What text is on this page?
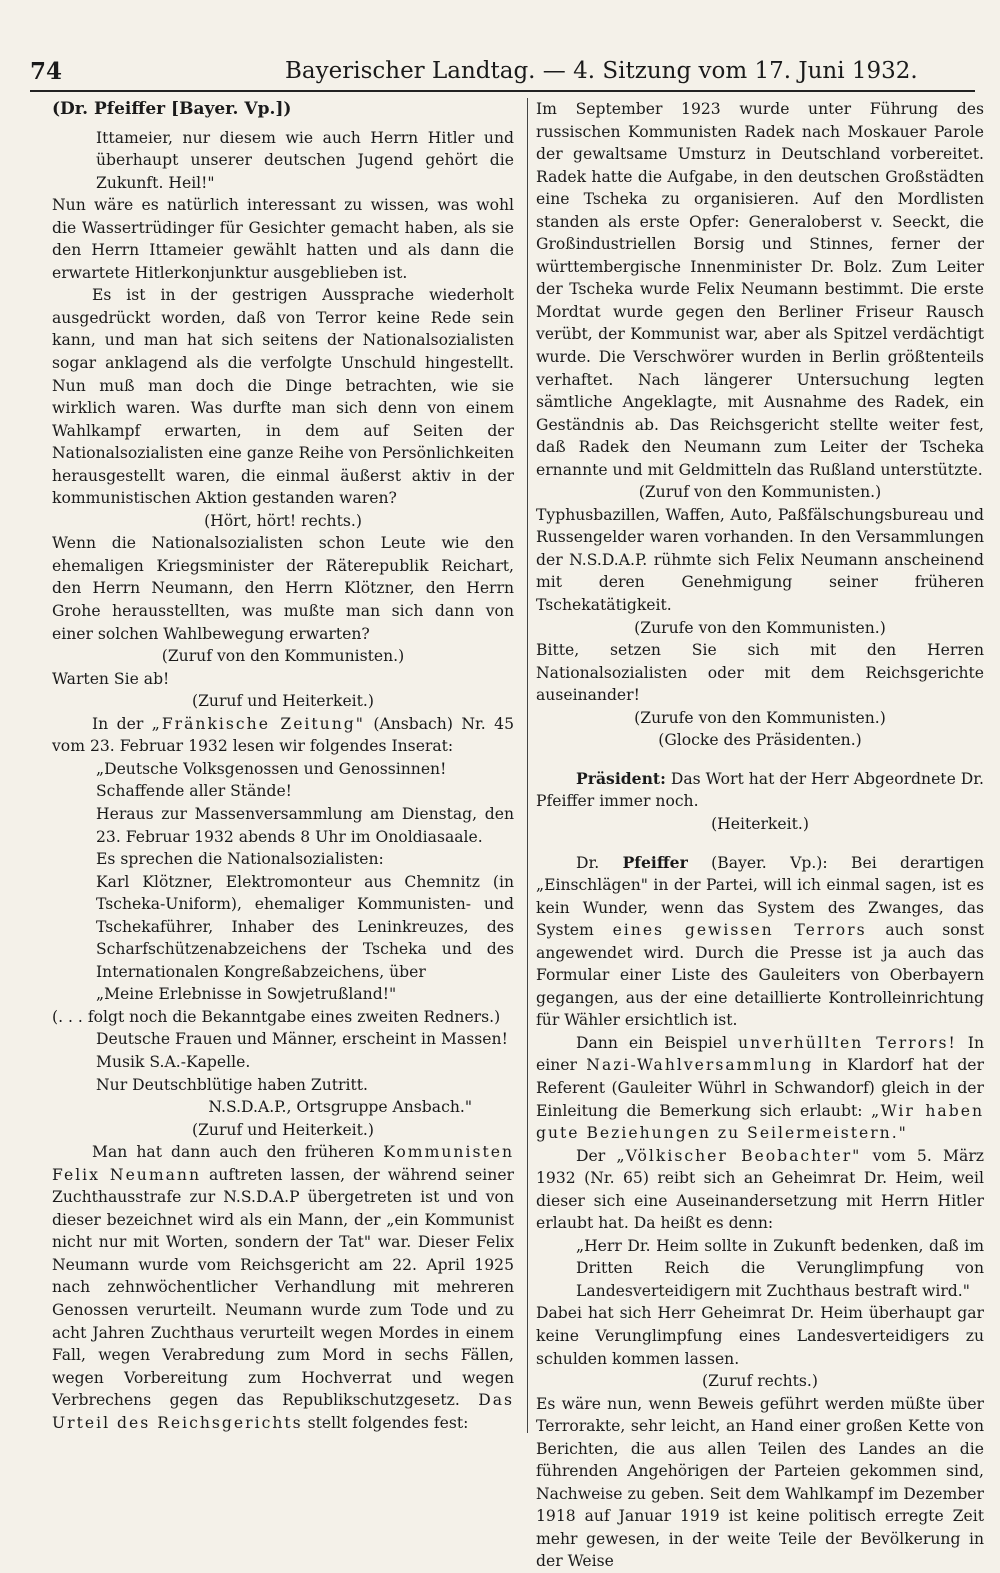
74	Bayerischer Landtag. — 4. Sitzung vom 17. Juni 1932.

(Dr. Pfeiffer [Bayer. Vp.])

Ittameier, nur diesem wie auch Herrn Hitler und überhaupt unserer deutschen Jugend gehört die Zukunft. Heil!"

Nun wäre es natürlich interessant zu wissen, was wohl die Wassertrüdinger für Gesichter gemacht haben, als sie den Herrn Ittameier gewählt hatten und als dann die erwartete Hitlerkonjunktur ausgeblieben ist.

Es ist in der gestrigen Aussprache wiederholt ausgedrückt worden, daß von Terror keine Rede sein kann, und man hat sich seitens der Nationalsozialisten sogar anklagend als die verfolgte Unschuld hingestellt. Nun muß man doch die Dinge betrachten, wie sie wirklich waren. Was durfte man sich denn von einem Wahlkampf erwarten, in dem auf Seiten der Nationalsozialisten eine ganze Reihe von Persönlichkeiten herausgestellt waren, die einmal äußerst aktiv in der kommunistischen Aktion gestanden waren?

(Hört, hört! rechts.)

Wenn die Nationalsozialisten schon Leute wie den ehemaligen Kriegsminister der Räterepublik Reichart, den Herrn Neumann, den Herrn Klötzner, den Herrn Grohe herausstellten, was mußte man sich dann von einer solchen Wahlbewegung erwarten?

(Zuruf von den Kommunisten.)

Warten Sie ab!

(Zuruf und Heiterkeit.)

In der „Fränkische Zeitung" (Ansbach) Nr. 45 vom 23. Februar 1932 lesen wir folgendes Inserat:

„Deutsche Volksgenossen und Genossinnen!

Schaffende aller Stände!

Heraus zur Massenversammlung am Dienstag, den 23. Februar 1932 abends 8 Uhr im Onoldiasaale.

Es sprechen die Nationalsozialisten:

Karl Klötzner, Elektromonteur aus Chemnitz (in Tscheka-Uniform), ehemaliger Kommunisten- und Tschekaführer, Inhaber des Leninkreuzes, des Scharfschützenabzeichens der Tscheka und des Internationalen Kongreßabzeichens, über

„Meine Erlebnisse in Sowjetrußland!"

(. . . folgt noch die Bekanntgabe eines zweiten Redners.)

Deutsche Frauen und Männer, erscheint in Massen!

Musik S.A.-Kapelle.

Nur Deutschblütige haben Zutritt.

N.S.D.A.P., Ortsgruppe Ansbach."

(Zuruf und Heiterkeit.)

Man hat dann auch den früheren Kommunisten Felix Neumann auftreten lassen, der während seiner Zuchthausstrafe zur N.S.D.A.P übergetreten ist und von dieser bezeichnet wird als ein Mann, der „ein Kommunist nicht nur mit Worten, sondern der Tat" war. Dieser Felix Neumann wurde vom Reichsgericht am 22. April 1925 nach zehnwöchentlicher Verhandlung mit mehreren Genossen verurteilt. Neumann wurde zum Tode und zu acht Jahren Zuchthaus verurteilt wegen Mordes in einem Fall, wegen Verabredung zum Mord in sechs Fällen, wegen Vorbereitung zum Hochverrat und wegen Verbrechens gegen das Republikschutzgesetz. Das Urteil des Reichsgerichts stellt folgendes fest:

Im September 1923 wurde unter Führung des russischen Kommunisten Radek nach Moskauer Parole der gewaltsame Umsturz in Deutschland vorbereitet. Radek hatte die Aufgabe, in den deutschen Großstädten eine Tscheka zu organisieren. Auf den Mordlisten standen als erste Opfer: Generaloberst v. Seeckt, die Großindustriellen Borsig und Stinnes, ferner der württembergische Innenminister Dr. Bolz. Zum Leiter der Tscheka wurde Felix Neumann bestimmt. Die erste Mordtat wurde gegen den Berliner Friseur Rausch verübt, der Kommunist war, aber als Spitzel verdächtigt wurde. Die Verschwörer wurden in Berlin größtenteils verhaftet. Nach längerer Untersuchung legten sämtliche Angeklagte, mit Ausnahme des Radek, ein Geständnis ab. Das Reichsgericht stellte weiter fest, daß Radek den Neumann zum Leiter der Tscheka ernannte und mit Geldmitteln das Rußland unterstützte.

(Zuruf von den Kommunisten.)

Typhusbazillen, Waffen, Auto, Paßfälschungsbureau und Russengelder waren vorhanden. In den Versammlungen der N.S.D.A.P. rühmte sich Felix Neumann anscheinend mit deren Genehmigung seiner früheren Tschekatätigkeit.

(Zurufe von den Kommunisten.)

Bitte, setzen Sie sich mit den Herren Nationalsozialisten oder mit dem Reichsgerichte auseinander!

(Zurufe von den Kommunisten.)

(Glocke des Präsidenten.)

Präsident: Das Wort hat der Herr Abgeordnete Dr. Pfeiffer immer noch.

(Heiterkeit.)

Dr. Pfeiffer (Bayer. Vp.): Bei derartigen „Einschlägen" in der Partei, will ich einmal sagen, ist es kein Wunder, wenn das System des Zwanges, das System eines gewissen Terrors auch sonst angewendet wird. Durch die Presse ist ja auch das Formular einer Liste des Gauleiters von Oberbayern gegangen, aus der eine detaillierte Kontrolleinrichtung für Wähler ersichtlich ist.

Dann ein Beispiel unverhüllten Terrors! In einer Nazi-Wahlversammlung in Klardorf hat der Referent (Gauleiter Wührl in Schwandorf) gleich in der Einleitung die Bemerkung sich erlaubt: „Wir haben gute Beziehungen zu Seilermeistern."

Der „Völkischer Beobachter" vom 5. März 1932 (Nr. 65) reibt sich an Geheimrat Dr. Heim, weil dieser sich eine Auseinandersetzung mit Herrn Hitler erlaubt hat. Da heißt es denn:

„Herr Dr. Heim sollte in Zukunft bedenken, daß im Dritten Reich die Verunglimpfung von Landesverteidigern mit Zuchthaus bestraft wird."

Dabei hat sich Herr Geheimrat Dr. Heim überhaupt gar keine Verunglimpfung eines Landesverteidigers zu schulden kommen lassen.

(Zuruf rechts.)

Es wäre nun, wenn Beweis geführt werden müßte über Terrorakte, sehr leicht, an Hand einer großen Kette von Berichten, die aus allen Teilen des Landes an die führenden Angehörigen der Parteien gekommen sind, Nachweise zu geben. Seit dem Wahlkampf im Dezember 1918 auf Januar 1919 ist keine politisch erregte Zeit mehr gewesen, in der weite Teile der Bevölkerung in der Weise
